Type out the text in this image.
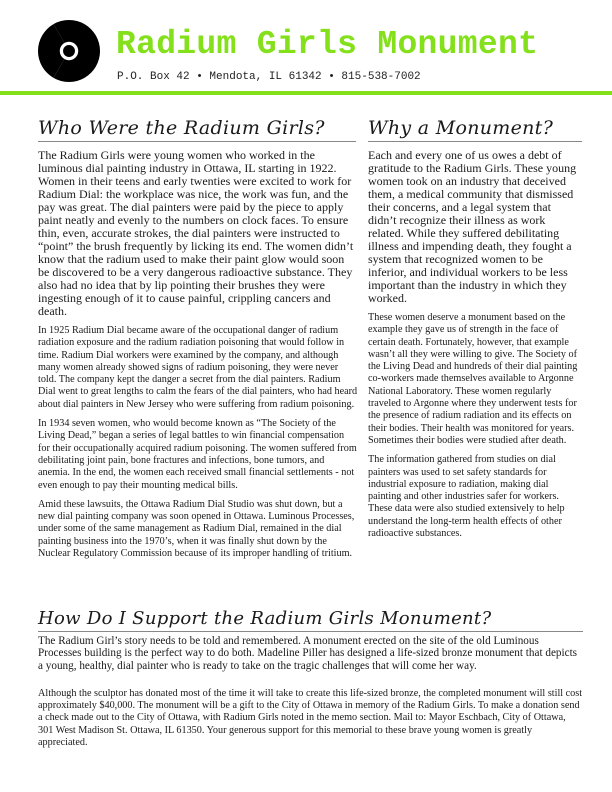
Radium Girls Monument
P.O. Box 42 • Mendota, IL 61342 • 815-538-7002
Who Were the Radium Girls? Why a Monument?

The Radium Girls were young women who worked in the luminous dial painting industry in Ottawa, IL starting in 1922. Women in their teens and early twenties were excited to work for Radium Dial: the workplace was nice, the work was fun, and the pay was great. The dial painters were paid by the piece to apply paint neatly and evenly to the numbers on clock faces. To ensure thin, even, accurate strokes, the dial painters were instructed to “point” the brush frequently by licking its end. The women didn’t know that the radium used to make their paint glow would soon be discovered to be a very dangerous radioactive substance. They also had no idea that by lip pointing their brushes they were ingesting enough of it to cause painful, crippling cancers and death.

In 1925 Radium Dial became aware of the occupational danger of radium radiation exposure and the radium radiation poisoning that would follow in time. Radium Dial workers were examined by the company, and although many women already showed signs of radium poisoning, they were never told. The company kept the danger a secret from the dial painters. Radium Dial went to great lengths to calm the fears of the dial painters, who had heard about dial painters in New Jersey who were suffering from radium poisoning.

In 1934 seven women, who would become known as “The Society of the Living Dead,” began a series of legal battles to win financial compensation for their occupationally acquired radium poisoning. The women suffered from debilitating joint pain, bone fractures and infections, bone tumors, and anemia. In the end, the women each received small financial settlements - not even enough to pay their mounting medical bills.

Amid these lawsuits, the Ottawa Radium Dial Studio was shut down, but a new dial painting company was soon opened in Ottawa. Luminous Processes, under some of the same management as Radium Dial, remained in the dial painting business into the 1970’s, when it was finally shut down by the Nuclear Regulatory Commission because of its improper handling of tritium.

Each and every one of us owes a debt of gratitude to the Radium Girls. These young women took on an industry that deceived them, a medical community that dismissed their concerns, and a legal system that didn’t recognize their illness as work related. While they suffered debilitating illness and impending death, they fought a system that recognized women to be inferior, and individual workers to be less important than the industry in which they worked.

These women deserve a monument based on the example they gave us of strength in the face of certain death. Fortunately, however, that example wasn’t all they were willing to give. The Society of the Living Dead and hundreds of their dial painting co-workers made themselves available to Argonne National Laboratory. These women regularly traveled to Argonne where they underwent tests for the presence of radium radiation and its effects on their bodies. Their health was monitored for years. Sometimes their bodies were studied after death.

The information gathered from studies on dial painters was used to set safety standards for industrial exposure to radiation, making dial painting and other industries safer for workers. These data were also studied extensively to help understand the long-term health effects of other radioactive substances.

How Do I Support the Radium Girls Monument?

The Radium Girl’s story needs to be told and remembered. A monument erected on the site of the old Luminous Processes building is the perfect way to do both. Madeline Piller has designed a life-sized bronze monument that depicts a young, healthy, dial painter who is ready to take on the tragic challenges that will come her way.

Although the sculptor has donated most of the time it will take to create this life-sized bronze, the completed monument will still cost approximately $40,000. The monument will be a gift to the City of Ottawa in memory of the Radium Girls. To make a donation send a check made out to the City of Ottawa, with Radium Girls noted in the memo section. Mail to: Mayor Eschbach, City of Ottawa, 301 West Madison St. Ottawa, IL 61350. Your generous support for this memorial to these brave young women is greatly appreciated.
